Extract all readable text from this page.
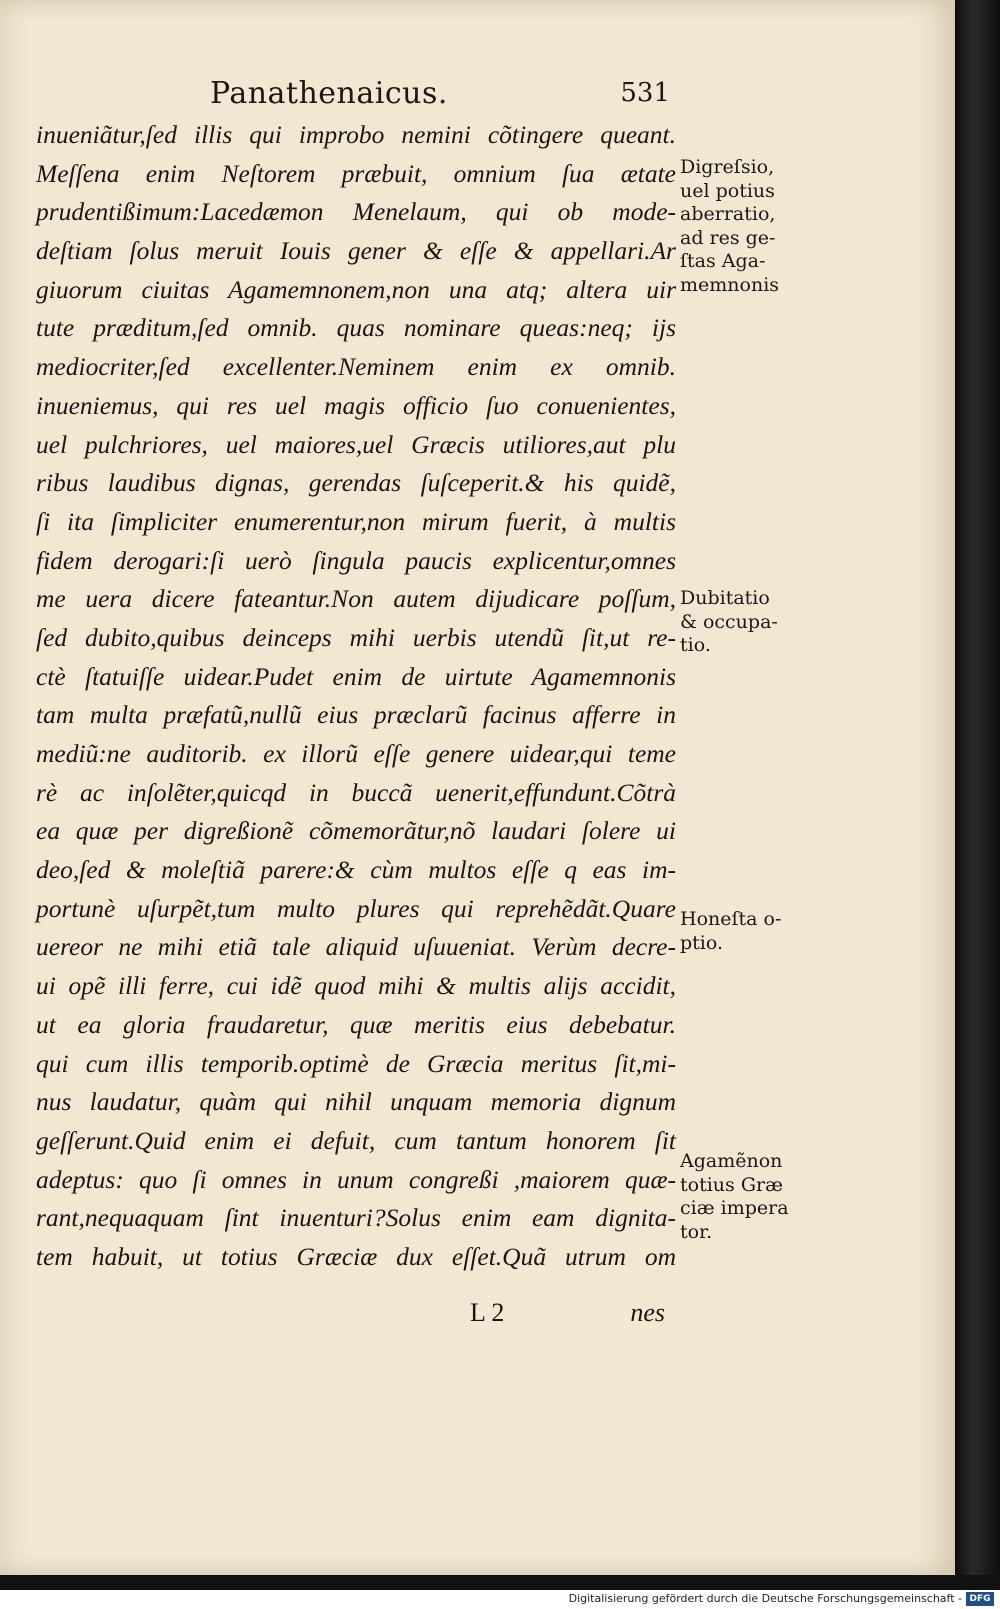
Panathenaicus.	531
inueniãtur,ſed illis qui improbo nemini cõtingere queant.
Meſſena enim Neſtorem præbuit, omnium ſua ætate
prudentißimum:Lacedæmon Menelaum, qui ob mode-
deſtiam ſolus meruit Iouis gener & eſſe & appellari.Ar
giuorum ciuitas Agamemnonem,non una atq; altera uir
tute præditum,ſed omnib. quas nominare queas:neq; iјs
mediocriter,ſed excellenter.Neminem enim ex omnib.
inueniemus, qui res uel magis officio ſuo conuenientes,
uel pulchriores, uel maiores,uel Græcis utiliores,aut plu
ribus laudibus dignas, gerendas ſuſceperit.& his quidẽ,
ſi ita ſimpliciter enumerentur,non mirum fuerit, à multis
fidem derogari:ſi uerò ſingula paucis explicentur,omnes
me uera dicere fateantur.Non autem dijudicare poſſum,
ſed dubito,quibus deinceps mihi uerbis utendũ ſit,ut re-
ctè ſtatuiſſe uidear.Pudet enim de uirtute Agamemnonis
tam multa præfatũ,nullũ eius præclarũ facinus afferre in
mediũ:ne auditorib. ex illorũ eſſe genere uidear,qui teme
rè ac inſolẽter,quicqd in buccã uenerit,effundunt.Cõtrà
ea quæ per digreßionẽ cõmemorãtur,nõ laudari ſolere ui
deo,ſed & moleſtiã parere:& cùm multos eſſe q eas im-
portunè uſurpẽt,tum multo plures qui reprehẽdãt.Quare
uereor ne mihi etiã tale aliquid uſuueniat. Verùm decre-
ui opẽ illi ferre, cui idẽ quod mihi & multis aliјs accidit,
ut ea gloria fraudaretur, quæ meritis eius debebatur.
qui cum illis temporib.optimè de Græcia meritus ſit,mi-
nus laudatur, quàm qui nihil unquam memoria dignum
geſſerunt.Quid enim ei defuit, cum tantum honorem ſit
adeptus: quo ſi omnes in unum congreßi ,maiorem quæ-
rant,nequaquam ſint inuenturi?Solus enim eam dignita-
tem habuit, ut totius Græciæ dux eſſet.Quã utrum om
L 2	nes
Digreſsio,
uel potius
aberratio,
ad res ge-
ſtas Aga-
memnonis
Dubitatio
& occupa-
tio.
Honeſta o-
ptio.
Agamẽnon
totius Græ
ciæ impera
tor.
Digitalisierung gefördert durch die Deutsche Forschungsgemeinschaft - DFG
